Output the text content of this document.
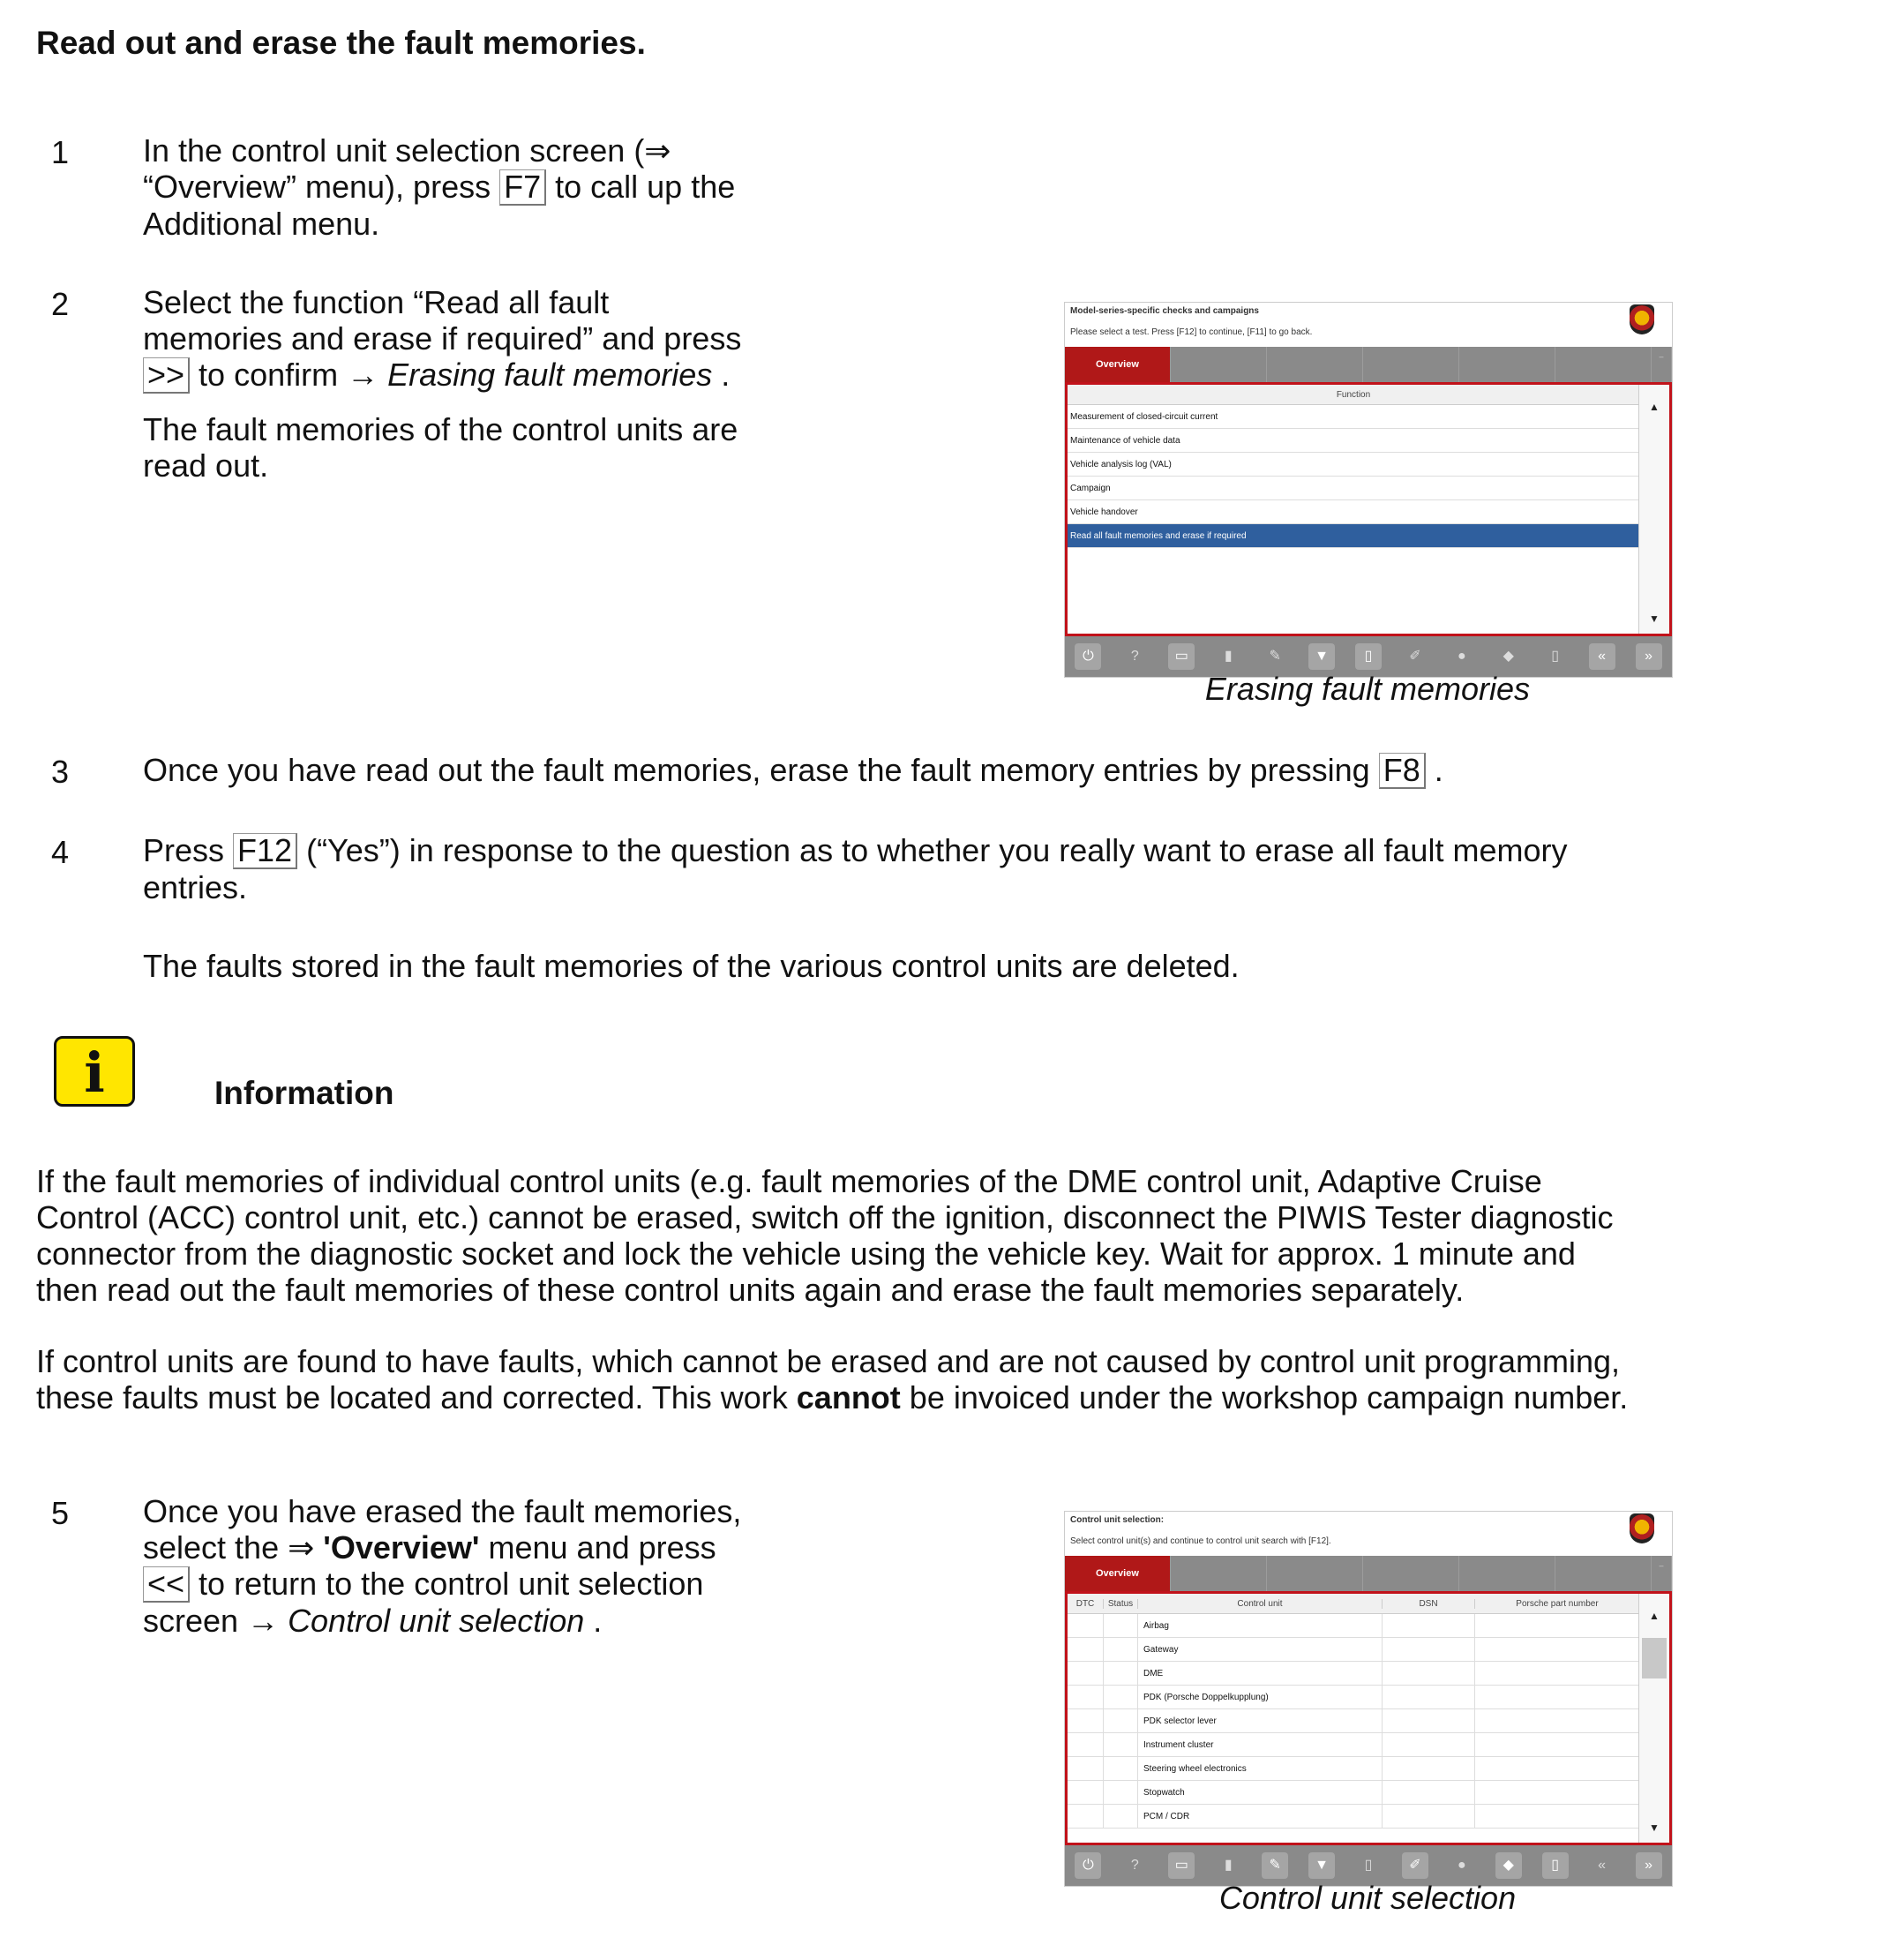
Read out and erase the fault memories.
1 In the control unit selection screen (⇒
“Overview” menu), press F7 to call up the
Additional menu.
2 Select the function “Read all fault
memories and erase if required” and press
>> to confirm → Erasing fault memories .
The fault memories of the control units are
read out.
Model-series-specific checks and campaigns
Please select a test. Press [F12] to continue, [F11] to go back.
Overview
–
Function
Measurement of closed-circuit current
Maintenance of vehicle data
Vehicle analysis log (VAL)
Campaign
Vehicle handover
Read all fault memories and erase if required
▲
▼
⏻	?	▭	▮	✎	▼	▯	✐	●	◆	▯	«	»
Erasing fault memories
3 Once you have read out the fault memories, erase the fault memory entries by pressing F8 .
4 Press F12 (“Yes”) in response to the question as to whether you really want to erase all fault memory
entries.
The faults stored in the fault memories of the various control units are deleted.
i	Information
If the fault memories of individual control units (e.g. fault memories of the DME control unit, Adaptive Cruise
Control (ACC) control unit, etc.) cannot be erased, switch off the ignition, disconnect the PIWIS Tester diagnostic
connector from the diagnostic socket and lock the vehicle using the vehicle key. Wait for approx. 1 minute and
then read out the fault memories of these control units again and erase the fault memories separately.
If control units are found to have faults, which cannot be erased and are not caused by control unit programming,
these faults must be located and corrected. This work cannot be invoiced under the workshop campaign number.
5 Once you have erased the fault memories,
select the ⇒ 'Overview' menu and press
<< to return to the control unit selection
screen → Control unit selection .
Control unit selection:
Select control unit(s) and continue to control unit search with [F12].
Overview
–
DTC	Status	Control unit	DSN	Porsche part number
Airbag
Gateway
DME
PDK (Porsche Doppelkupplung)
PDK selector lever
Instrument cluster
Steering wheel electronics
Stopwatch
PCM / CDR
▲
▼
⏻	?	▭	▮	✎	▼	▯	✐	●	◆	▯	«	»
Control unit selection
